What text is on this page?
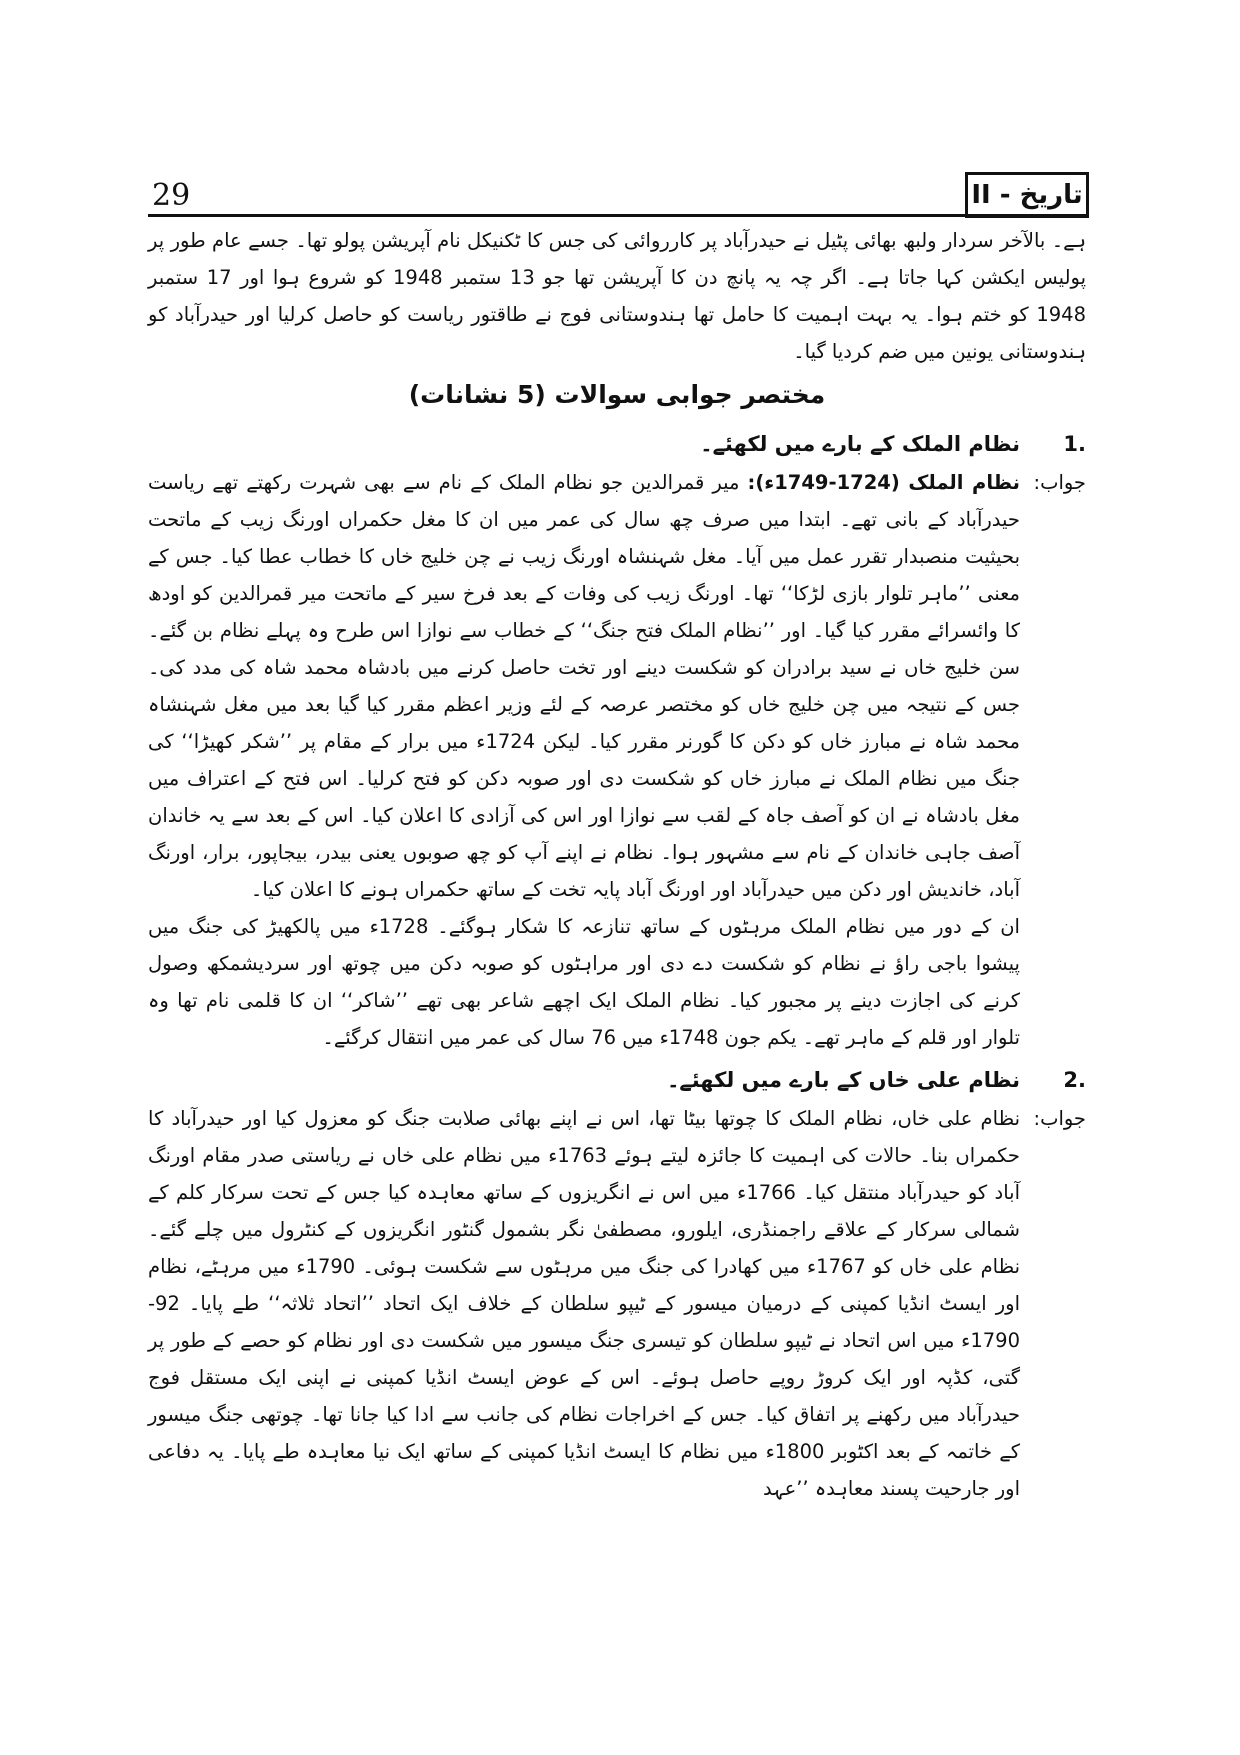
29	تاریخ - II

ہے۔ بالآخر سردار ولبھ بھائی پٹیل نے حیدرآباد پر کارروائی کی جس کا ٹکنیکل نام آپریشن پولو تھا۔ جسے عام طور پر پولیس ایکشن کہا جاتا ہے۔ اگر چہ یہ پانچ دن کا آپریشن تھا جو 13 ستمبر 1948 کو شروع ہوا اور 17 ستمبر 1948 کو ختم ہوا۔ یہ بہت اہمیت کا حامل تھا ہندوستانی فوج نے طاقتور ریاست کو حاصل کرلیا اور حیدرآباد کو ہندوستانی یونین میں ضم کردیا گیا۔

مختصر جوابی سوالات (5 نشانات)
.1
نظام الملک کے بارے میں لکھئے۔
جواب:

نظام الملک (1724-1749ء): میر قمرالدین جو نظام الملک کے نام سے بھی شہرت رکھتے تھے ریاست حیدرآباد کے بانی تھے۔ ابتدا میں صرف چھ سال کی عمر میں ان کا مغل حکمراں اورنگ زیب کے ماتحت بحیثیت منصبدار تقرر عمل میں آیا۔ مغل شہنشاہ اورنگ زیب نے چن خلیج خاں کا خطاب عطا کیا۔ جس کے معنی ’’ماہر تلوار بازی لڑکا‘‘ تھا۔ اورنگ زیب کی وفات کے بعد فرخ سیر کے ماتحت میر قمرالدین کو اودھ کا وائسرائے مقرر کیا گیا۔ اور ’’نظام الملک فتح جنگ‘‘ کے خطاب سے نوازا اس طرح وہ پہلے نظام بن گئے۔ سن خلیج خاں نے سید برادران کو شکست دینے اور تخت حاصل کرنے میں بادشاہ محمد شاہ کی مدد کی۔ جس کے نتیجہ میں چن خلیج خاں کو مختصر عرصہ کے لئے وزیر اعظم مقرر کیا گیا بعد میں مغل شہنشاہ محمد شاہ نے مبارز خاں کو دکن کا گورنر مقرر کیا۔ لیکن 1724ء میں برار کے مقام پر ’’شکر کھیڑا‘‘ کی جنگ میں نظام الملک نے مبارز خاں کو شکست دی اور صوبہ دکن کو فتح کرلیا۔ اس فتح کے اعتراف میں مغل بادشاہ نے ان کو آصف جاہ کے لقب سے نوازا اور اس کی آزادی کا اعلان کیا۔ اس کے بعد سے یہ خاندان آصف جاہی خاندان کے نام سے مشہور ہوا۔ نظام نے اپنے آپ کو چھ صوبوں یعنی بیدر، بیجاپور، برار، اورنگ آباد، خاندیش اور دکن میں حیدرآباد اور اورنگ آباد پایہ تخت کے ساتھ حکمراں ہونے کا اعلان کیا۔

ان کے دور میں نظام الملک مرہٹوں کے ساتھ تنازعہ کا شکار ہوگئے۔ 1728ء میں پالکھیڑ کی جنگ میں پیشوا باجی راؤ نے نظام کو شکست دے دی اور مراہٹوں کو صوبہ دکن میں چوتھ اور سردیشمکھ وصول کرنے کی اجازت دینے پر مجبور کیا۔ نظام الملک ایک اچھے شاعر بھی تھے ’’شاکر‘‘ ان کا قلمی نام تھا وہ تلوار اور قلم کے ماہر تھے۔ یکم جون 1748ء میں 76 سال کی عمر میں انتقال کرگئے۔

.2
نظام علی خاں کے بارے میں لکھئے۔
جواب:

نظام علی خاں، نظام الملک کا چوتھا بیٹا تھا، اس نے اپنے بھائی صلابت جنگ کو معزول کیا اور حیدرآباد کا حکمراں بنا۔ حالات کی اہمیت کا جائزہ لیتے ہوئے 1763ء میں نظام علی خاں نے ریاستی صدر مقام اورنگ آباد کو حیدرآباد منتقل کیا۔ 1766ء میں اس نے انگریزوں کے ساتھ معاہدہ کیا جس کے تحت سرکار کلم کے شمالی سرکار کے علاقے راجمنڈری، ایلورو، مصطفیٰ نگر بشمول گنٹور انگریزوں کے کنٹرول میں چلے گئے۔ نظام علی خاں کو 1767ء میں کھادرا کی جنگ میں مرہٹوں سے شکست ہوئی۔ 1790ء میں مرہٹے، نظام اور ایسٹ انڈیا کمپنی کے درمیان میسور کے ٹیپو سلطان کے خلاف ایک اتحاد ’’اتحاد ثلاثہ‘‘ طے پایا۔ 92-1790ء میں اس اتحاد نے ٹیپو سلطان کو تیسری جنگ میسور میں شکست دی اور نظام کو حصے کے طور پر گتی، کڈپہ اور ایک کروڑ روپے حاصل ہوئے۔ اس کے عوض ایسٹ انڈیا کمپنی نے اپنی ایک مستقل فوج حیدرآباد میں رکھنے پر اتفاق کیا۔ جس کے اخراجات نظام کی جانب سے ادا کیا جانا تھا۔ چوتھی جنگ میسور کے خاتمہ کے بعد اکٹوبر 1800ء میں نظام کا ایسٹ انڈیا کمپنی کے ساتھ ایک نیا معاہدہ طے پایا۔ یہ دفاعی اور جارحیت پسند معاہدہ ’’عہد
